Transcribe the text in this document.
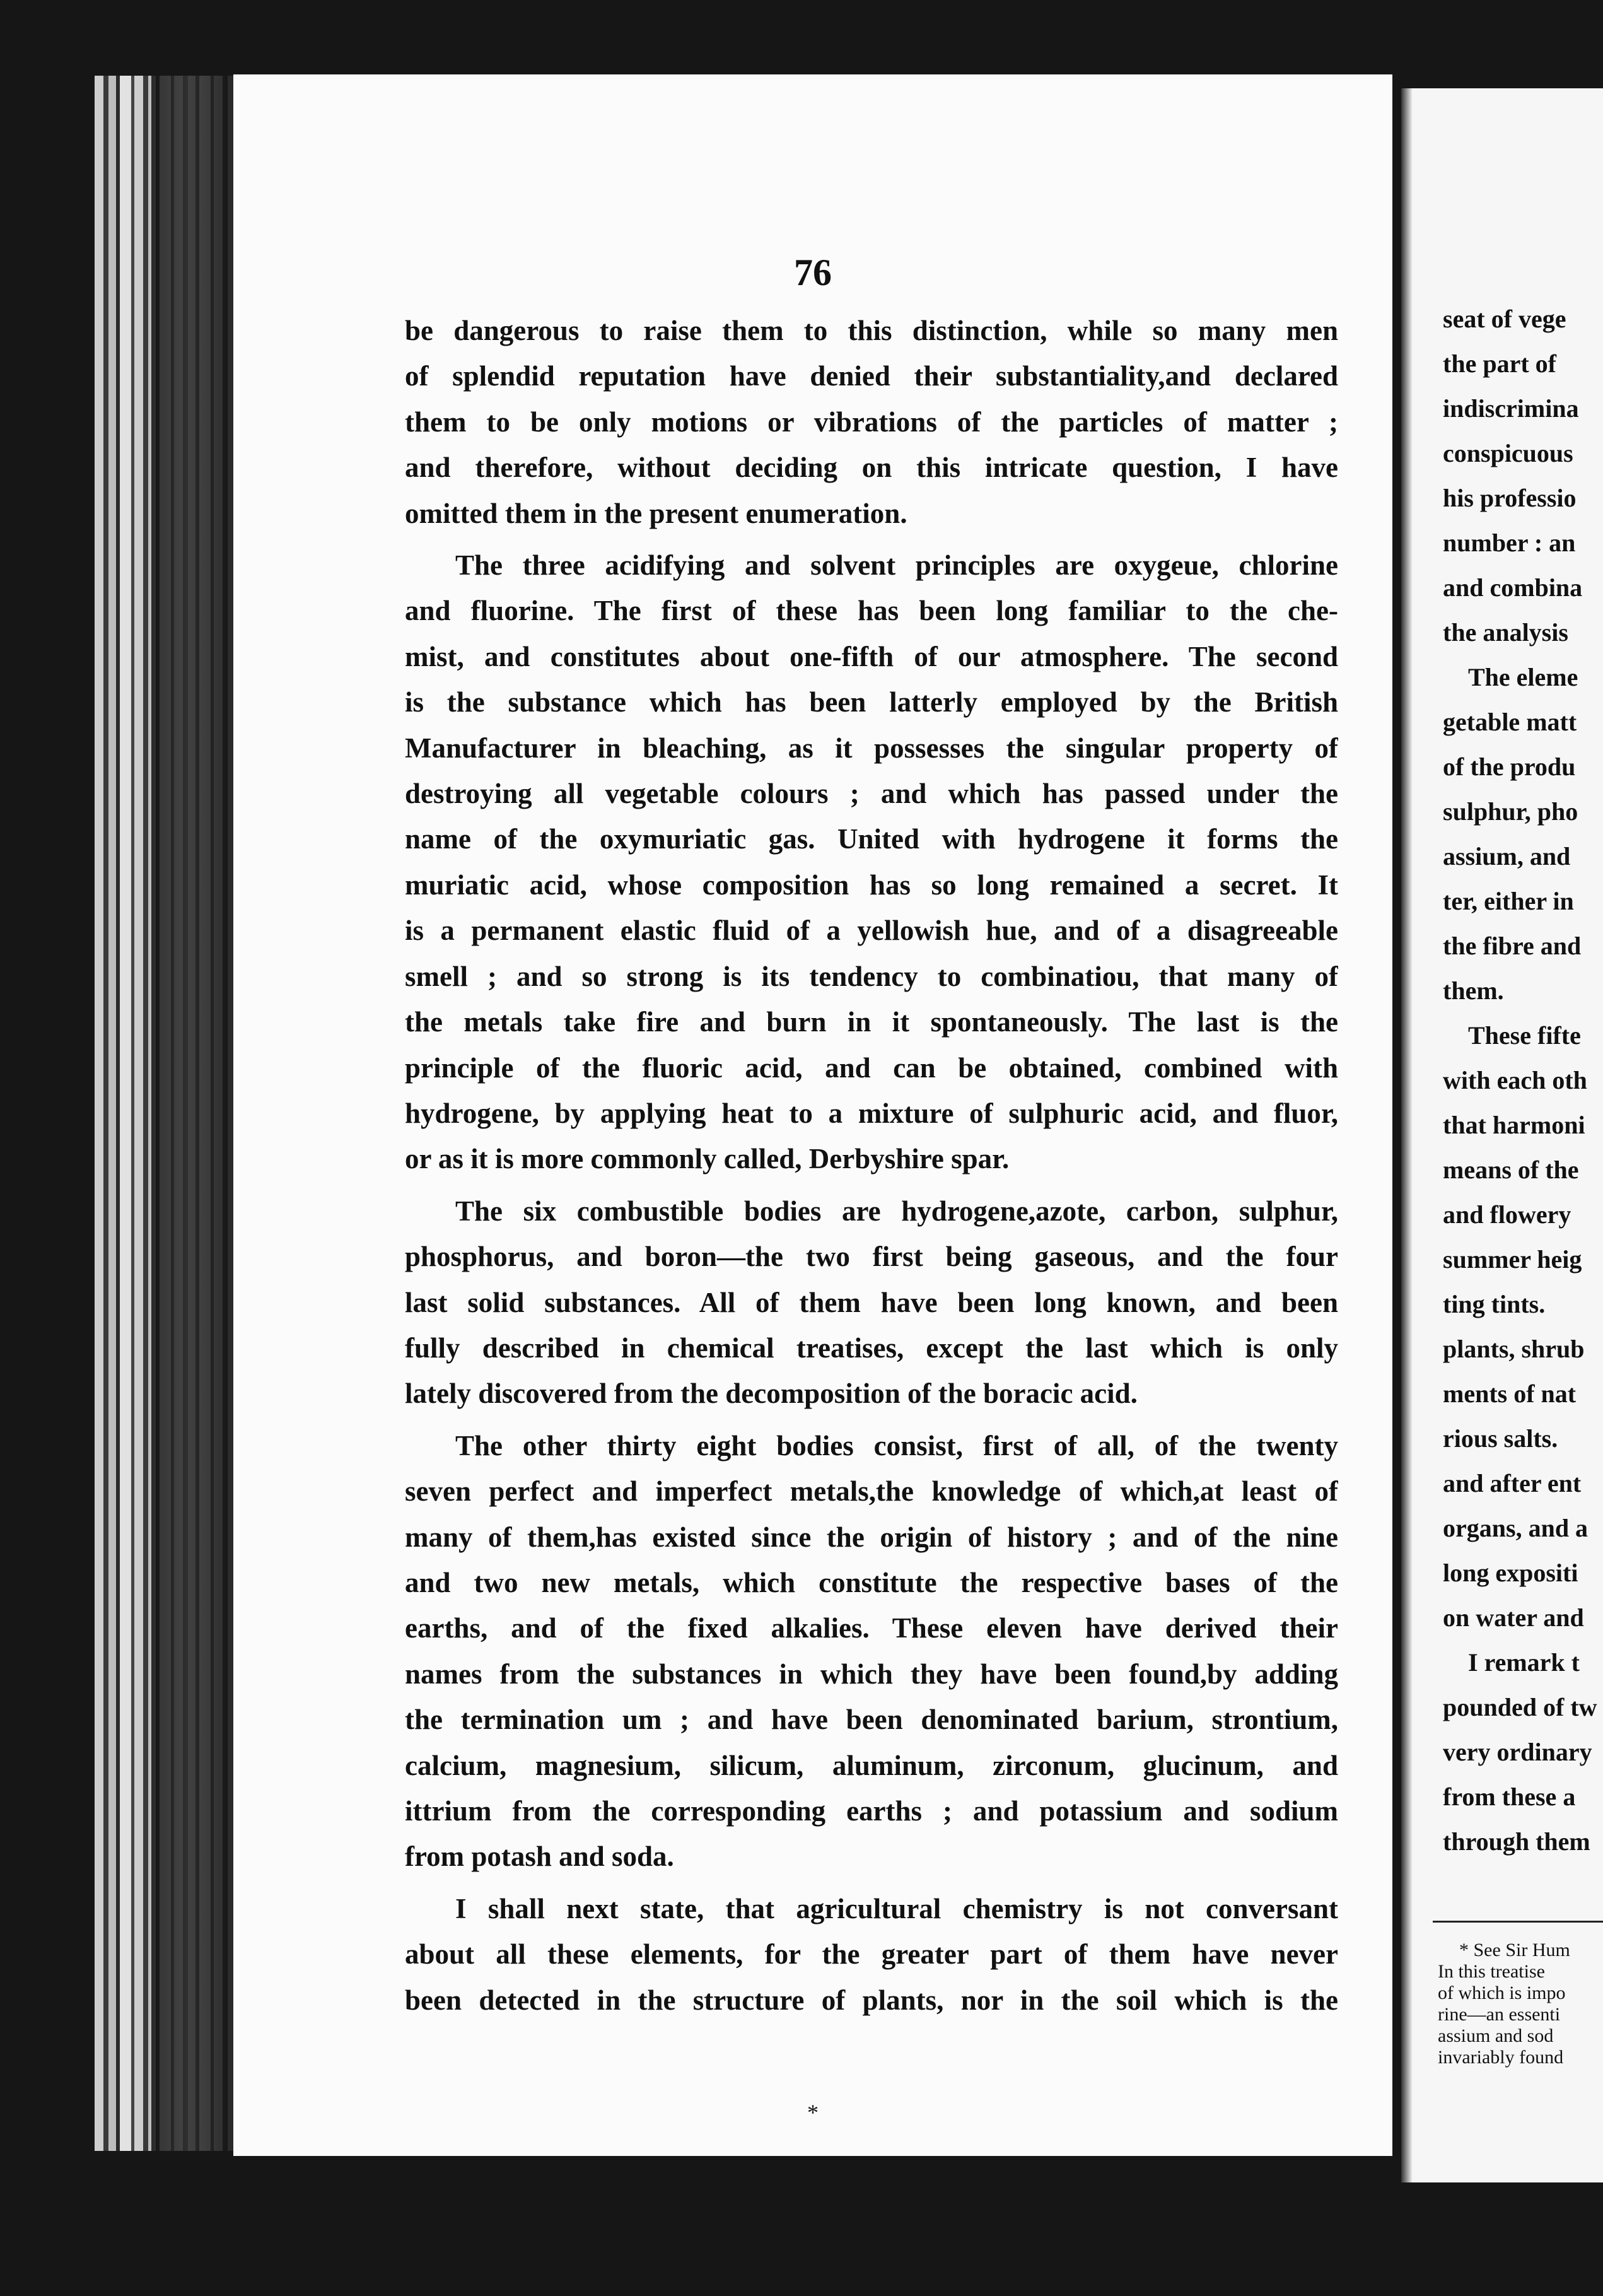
76
be dangerous to raise them to this distinction, while so many men
of splendid reputation have denied their substantiality,and declared
them to be only motions or vibrations of the particles of matter ;
and therefore, without deciding on this intricate question, I have
omitted them in the present enumeration.
The three acidifying and solvent principles are oxygeue, chlorine
and fluorine. The first of these has been long familiar to the che-
mist, and constitutes about one-fifth of our atmosphere. The second
is the substance which has been latterly employed by the British
Manufacturer in bleaching, as it possesses the singular property of
destroying all vegetable colours ; and which has passed under the
name of the oxymuriatic gas. United with hydrogene it forms the
muriatic acid, whose composition has so long remained a secret. It
is a permanent elastic fluid of a yellowish hue, and of a disagreeable
smell ; and so strong is its tendency to combinatiou, that many of
the metals take fire and burn in it spontaneously. The last is the
principle of the fluoric acid, and can be obtained, combined with
hydrogene, by applying heat to a mixture of sulphuric acid, and fluor,
or as it is more commonly called, Derbyshire spar.
The six combustible bodies are hydrogene,azote, carbon, sulphur,
phosphorus, and boron—the two first being gaseous, and the four
last solid substances. All of them have been long known, and been
fully described in chemical treatises, except the last which is only
lately discovered from the decomposition of the boracic acid.
The other thirty eight bodies consist, first of all, of the twenty
seven perfect and imperfect metals,the knowledge of which,at least of
many of them,has existed since the origin of history ; and of the nine
and two new metals, which constitute the respective bases of the
earths, and of the fixed alkalies. These eleven have derived their
names from the substances in which they have been found,by adding
the termination um ; and have been denominated barium, strontium,
calcium, magnesium, silicum, aluminum, zirconum, glucinum, and
ittrium from the corresponding earths ; and potassium and sodium
from potash and soda.
I shall next state, that agricultural chemistry is not conversant
about all these elements, for the greater part of them have never
been detected in the structure of plants, nor in the soil which is the
*
seat of vege
the part of
indiscrimina
conspicuous
his professio
number : an
and combina
the analysis
The eleme
getable matt
of the produ
sulphur, pho
assium, and
ter, either in
the fibre and
them.
These fifte
with each oth
that harmoni
means of the
and flowery
summer heig
ting tints.
plants, shrub
ments of nat
rious salts.
and after ent
organs, and a
long expositi
on water and
I remark t
pounded of tw
very ordinary
from these a
through them
* See Sir Hum
In this treatise
of which is impo
rine—an essenti
assium and sod
invariably found
